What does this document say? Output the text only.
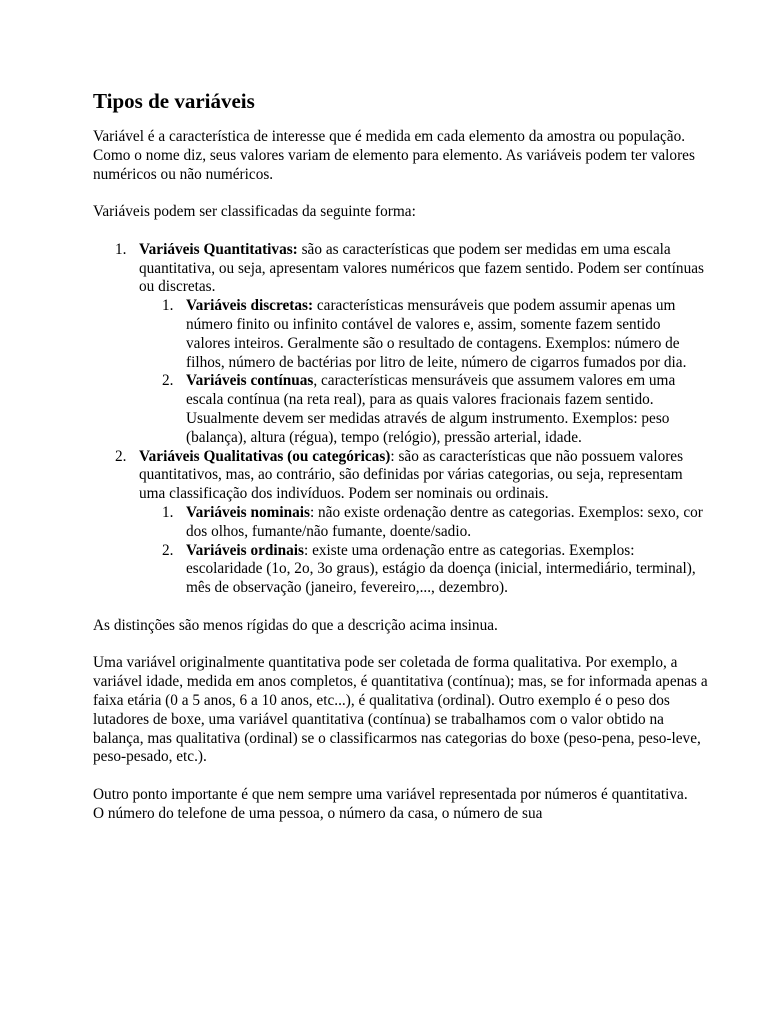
Tipos de variáveis

Variável é a característica de interesse que é medida em cada elemento da amostra ou população. Como o nome diz, seus valores variam de elemento para elemento. As variáveis podem ter valores numéricos ou não numéricos.

Variáveis podem ser classificadas da seguinte forma:

1. Variáveis Quantitativas: são as características que podem ser medidas em uma escala quantitativa, ou seja, apresentam valores numéricos que fazem sentido. Podem ser contínuas ou discretas.
1. Variáveis discretas: características mensuráveis que podem assumir apenas um número finito ou infinito contável de valores e, assim, somente fazem sentido valores inteiros. Geralmente são o resultado de contagens. Exemplos: número de filhos, número de bactérias por litro de leite, número de cigarros fumados por dia.
2. Variáveis contínuas, características mensuráveis que assumem valores em uma escala contínua (na reta real), para as quais valores fracionais fazem sentido. Usualmente devem ser medidas através de algum instrumento. Exemplos: peso (balança), altura (régua), tempo (relógio), pressão arterial, idade.
2. Variáveis Qualitativas (ou categóricas): são as características que não possuem valores quantitativos, mas, ao contrário, são definidas por várias categorias, ou seja, representam uma classificação dos indivíduos. Podem ser nominais ou ordinais.
1. Variáveis nominais: não existe ordenação dentre as categorias. Exemplos: sexo, cor dos olhos, fumante/não fumante, doente/sadio.
2. Variáveis ordinais: existe uma ordenação entre as categorias. Exemplos: escolaridade (1o, 2o, 3o graus), estágio da doença (inicial, intermediário, terminal), mês de observação (janeiro, fevereiro,..., dezembro).

As distinções são menos rígidas do que a descrição acima insinua.

Uma variável originalmente quantitativa pode ser coletada de forma qualitativa. Por exemplo, a variável idade, medida em anos completos, é quantitativa (contínua); mas, se for informada apenas a faixa etária (0 a 5 anos, 6 a 10 anos, etc...), é qualitativa (ordinal). Outro exemplo é o peso dos lutadores de boxe, uma variável quantitativa (contínua) se trabalhamos com o valor obtido na balança, mas qualitativa (ordinal) se o classificarmos nas categorias do boxe (peso-pena, peso-leve, peso-pesado, etc.).

Outro ponto importante é que nem sempre uma variável representada por números é quantitativa.

O número do telefone de uma pessoa, o número da casa, o número de sua
